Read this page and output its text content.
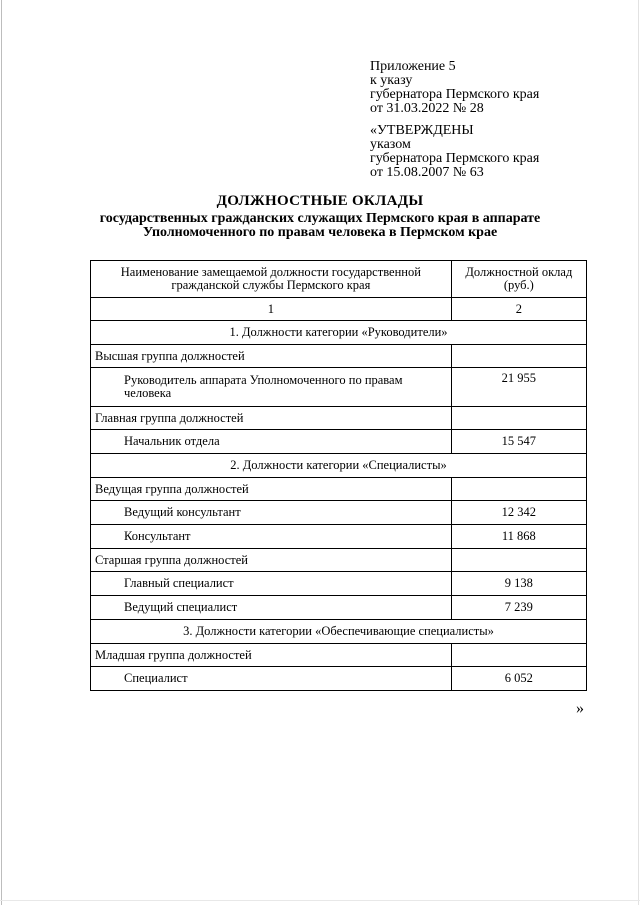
Приложение 5
к указу
губернатора Пермского края
от 31.03.2022 № 28
«УТВЕРЖДЕНЫ
указом
губернатора Пермского края
от 15.08.2007 № 63
ДОЛЖНОСТНЫЕ ОКЛАДЫ
государственных гражданских служащих Пермского края в аппарате Уполномоченного по правам человека в Пермском крае
Наименование замещаемой должности государственной гражданской службы Пермского края	Должностной оклад (руб.)
1	2
1. Должности категории «Руководители»	
Высшая группа должностей	
Руководитель аппарата Уполномоченного по правам человека	21 955
Главная группа должностей	
Начальник отдела	15 547
2. Должности категории «Специалисты»	
Ведущая группа должностей	
Ведущий консультант	12 342
Консультант	11 868
Старшая группа должностей	
Главный специалист	9 138
Ведущий специалист	7 239
3. Должности категории «Обеспечивающие специалисты»	
Младшая группа должностей	
Специалист	6 052
»
